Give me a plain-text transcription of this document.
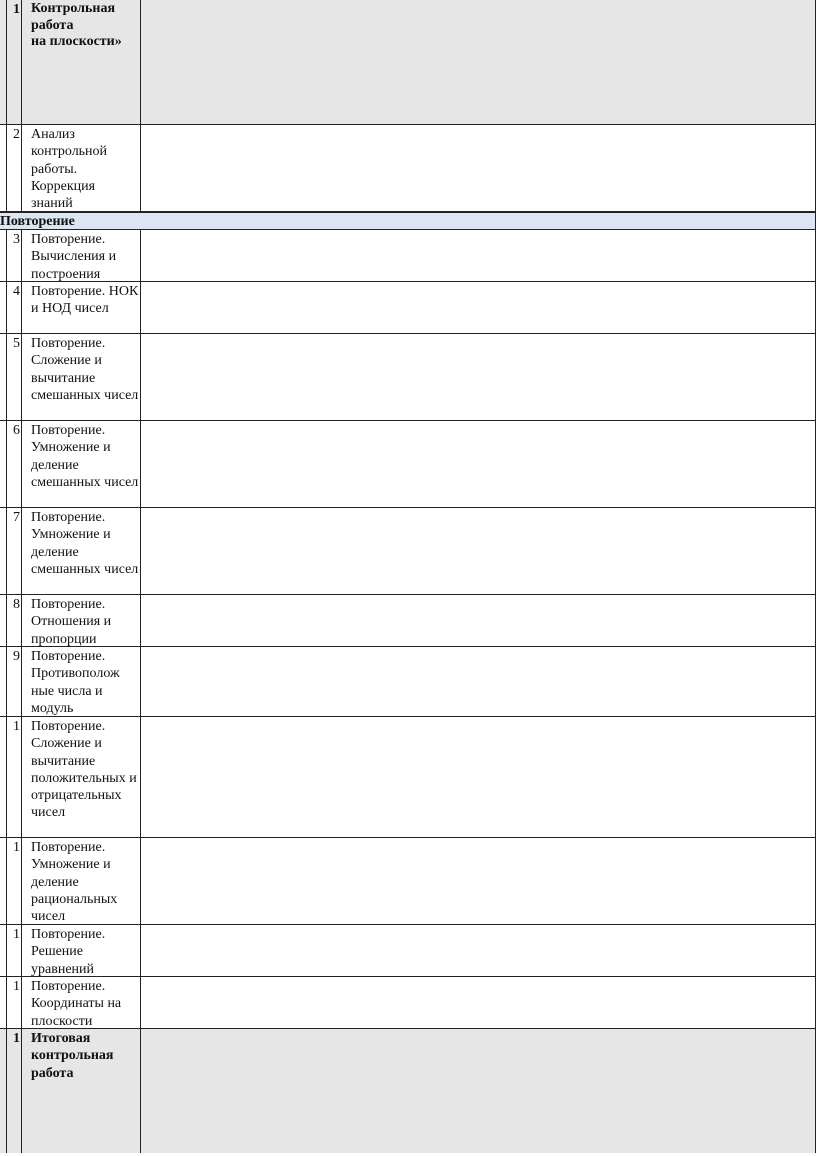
1 Контрольная работа
на плоскости»
2 Анализ контрольной работы. Коррекция знаний
Повторение
3 Повторение. Вычисления и построения
4 Повторение. НОК и НОД чисел
5 Повторение. Сложение и вычитание смешанных чисел
6 Повторение. Умножение и деление смешанных чисел
7 Повторение. Умножение и деление смешанных чисел
8 Повторение. Отношения и пропорции
9 Повторение. Противополож ные числа и модуль
1 Повторение. Сложение и вычитание положительных и отрицательных чисел
1 Повторение. Умножение и деление рациональных чисел
1 Повторение. Решение уравнений
1 Повторение. Координаты на плоскости
1 Итоговая контрольная работа
